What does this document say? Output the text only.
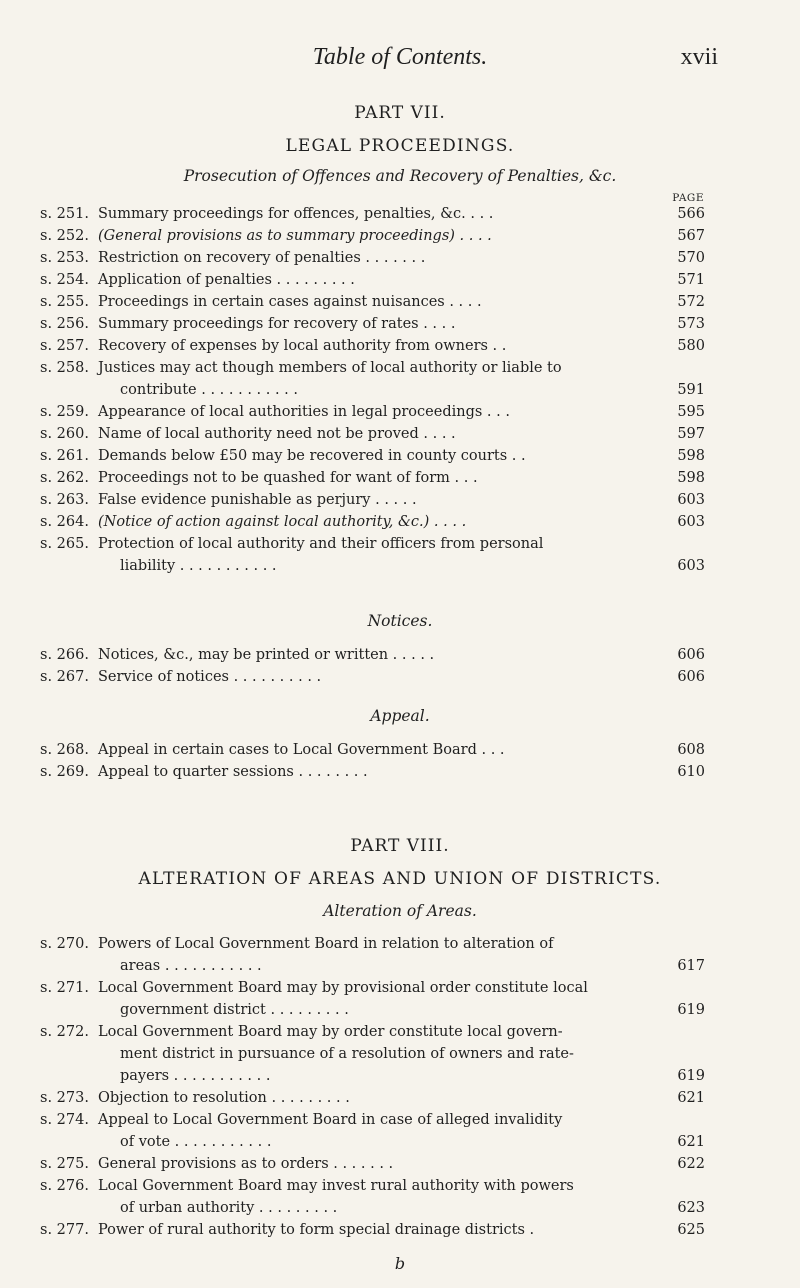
Table of Contents.	xvii
PART VII.
LEGAL PROCEEDINGS.
Prosecution of Offences and Recovery of Penalties, &c.
PAGE
s. 251. Summary proceedings for offences, penalties, &c. . . .	566
s. 252. (General provisions as to summary proceedings) . . . .	567
s. 253. Restriction on recovery of penalties . . . . . . .	570
s. 254. Application of penalties . . . . . . . . .	571
s. 255. Proceedings in certain cases against nuisances . . . .	572
s. 256. Summary proceedings for recovery of rates . . . .	573
s. 257. Recovery of expenses by local authority from owners . .	580
s. 258. Justices may act though members of local authority or liable to
contribute . . . . . . . . . . .	591
s. 259. Appearance of local authorities in legal proceedings . . .	595
s. 260. Name of local authority need not be proved . . . .	597
s. 261. Demands below £50 may be recovered in county courts . .	598
s. 262. Proceedings not to be quashed for want of form . . .	598
s. 263. False evidence punishable as perjury . . . . .	603
s. 264. (Notice of action against local authority, &c.) . . . .	603
s. 265. Protection of local authority and their officers from personal
liability . . . . . . . . . . .	603
Notices.
s. 266. Notices, &c., may be printed or written . . . . .	606
s. 267. Service of notices . . . . . . . . . .	606
Appeal.
s. 268. Appeal in certain cases to Local Government Board . . .	608
s. 269. Appeal to quarter sessions . . . . . . . .	610
PART VIII.
ALTERATION OF AREAS AND UNION OF DISTRICTS.
Alteration of Areas.
s. 270. Powers of Local Government Board in relation to alteration of
areas . . . . . . . . . . .	617
s. 271. Local Government Board may by provisional order constitute local
government district . . . . . . . . .	619
s. 272. Local Government Board may by order constitute local govern-
ment district in pursuance of a resolution of owners and rate-
payers . . . . . . . . . . .	619
s. 273. Objection to resolution . . . . . . . . .	621
s. 274. Appeal to Local Government Board in case of alleged invalidity
of vote . . . . . . . . . . .	621
s. 275. General provisions as to orders . . . . . . .	622
s. 276. Local Government Board may invest rural authority with powers
of urban authority . . . . . . . . .	623
s. 277. Power of rural authority to form special drainage districts .	625
b
